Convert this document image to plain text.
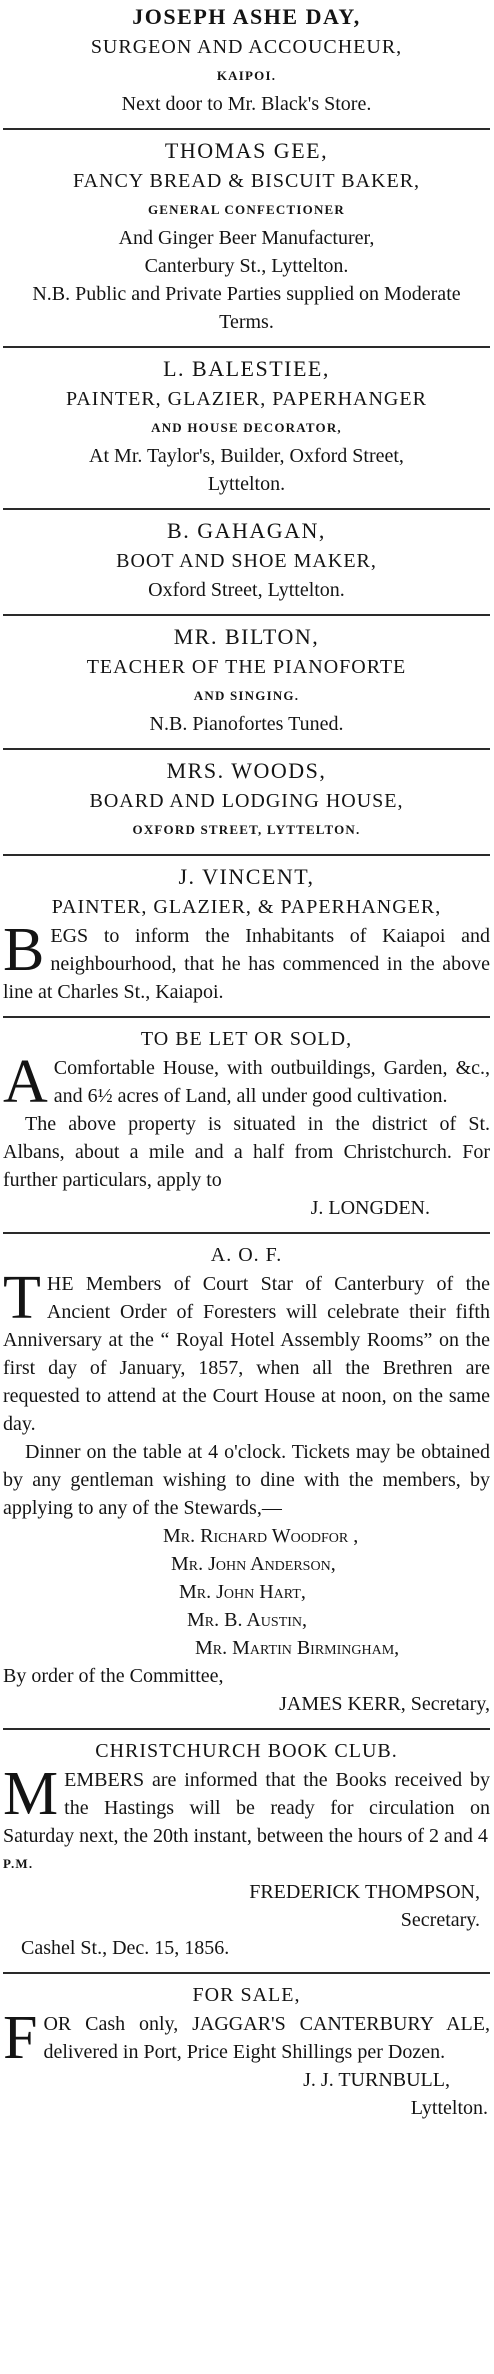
JOSEPH ASHE DAY,
SURGEON AND ACCOUCHEUR,
KAIPOI.
Next door to Mr. Black's Store.
THOMAS GEE,
FANCY BREAD & BISCUIT BAKER,
GENERAL CONFECTIONER
And Ginger Beer Manufacturer,
Canterbury St., Lyttelton.
N.B. Public and Private Parties supplied on Moderate Terms.
L. BALESTIEE,
PAINTER, GLAZIER, PAPERHANGER
AND HOUSE DECORATOR,
At Mr. Taylor's, Builder, Oxford Street,
Lyttelton.
B. GAHAGAN,
BOOT AND SHOE MAKER,
Oxford Street, Lyttelton.
MR. BILTON,
TEACHER OF THE PIANOFORTE
AND SINGING.
N.B. Pianofortes Tuned.
MRS. WOODS,
BOARD AND LODGING HOUSE,
OXFORD STREET, LYTTELTON.
J. VINCENT,
PAINTER, GLAZIER, & PAPERHANGER,
BEGS to inform the Inhabitants of Kaiapoi and neighbourhood, that he has commenced in the above line at Charles St., Kaiapoi.
TO BE LET OR SOLD,
A Comfortable House, with outbuildings, Garden, &c., and 6½ acres of Land, all under good cultivation.
The above property is situated in the district of St. Albans, about a mile and a half from Christchurch. For further particulars, apply to
J. LONGDEN.
A. O. F.
THE Members of Court Star of Canterbury of the Ancient Order of Foresters will celebrate their fifth Anniversary at the “ Royal Hotel Assembly Rooms” on the first day of January, 1857, when all the Brethren are requested to attend at the Court House at noon, on the same day.
Dinner on the table at 4 o'clock. Tickets may be obtained by any gentleman wishing to dine with the members, by applying to any of the Stewards,—
Mr. Richard Woodfor ,
Mr. John Anderson,
Mr. John Hart,
Mr. B. Austin,
Mr. Martin Birmingham,
By order of the Committee,
JAMES KERR, Secretary,
CHRISTCHURCH BOOK CLUB.
MEMBERS are informed that the Books received by the Hastings will be ready for circulation on Saturday next, the 20th instant, between the hours of 2 and 4
P.M.
FREDERICK THOMPSON,
Secretary.
Cashel St., Dec. 15, 1856.
FOR SALE,
FOR Cash only, JAGGAR'S CANTERBURY ALE, delivered in Port, Price Eight Shillings per Dozen.
J. J. TURNBULL,
Lyttelton.
